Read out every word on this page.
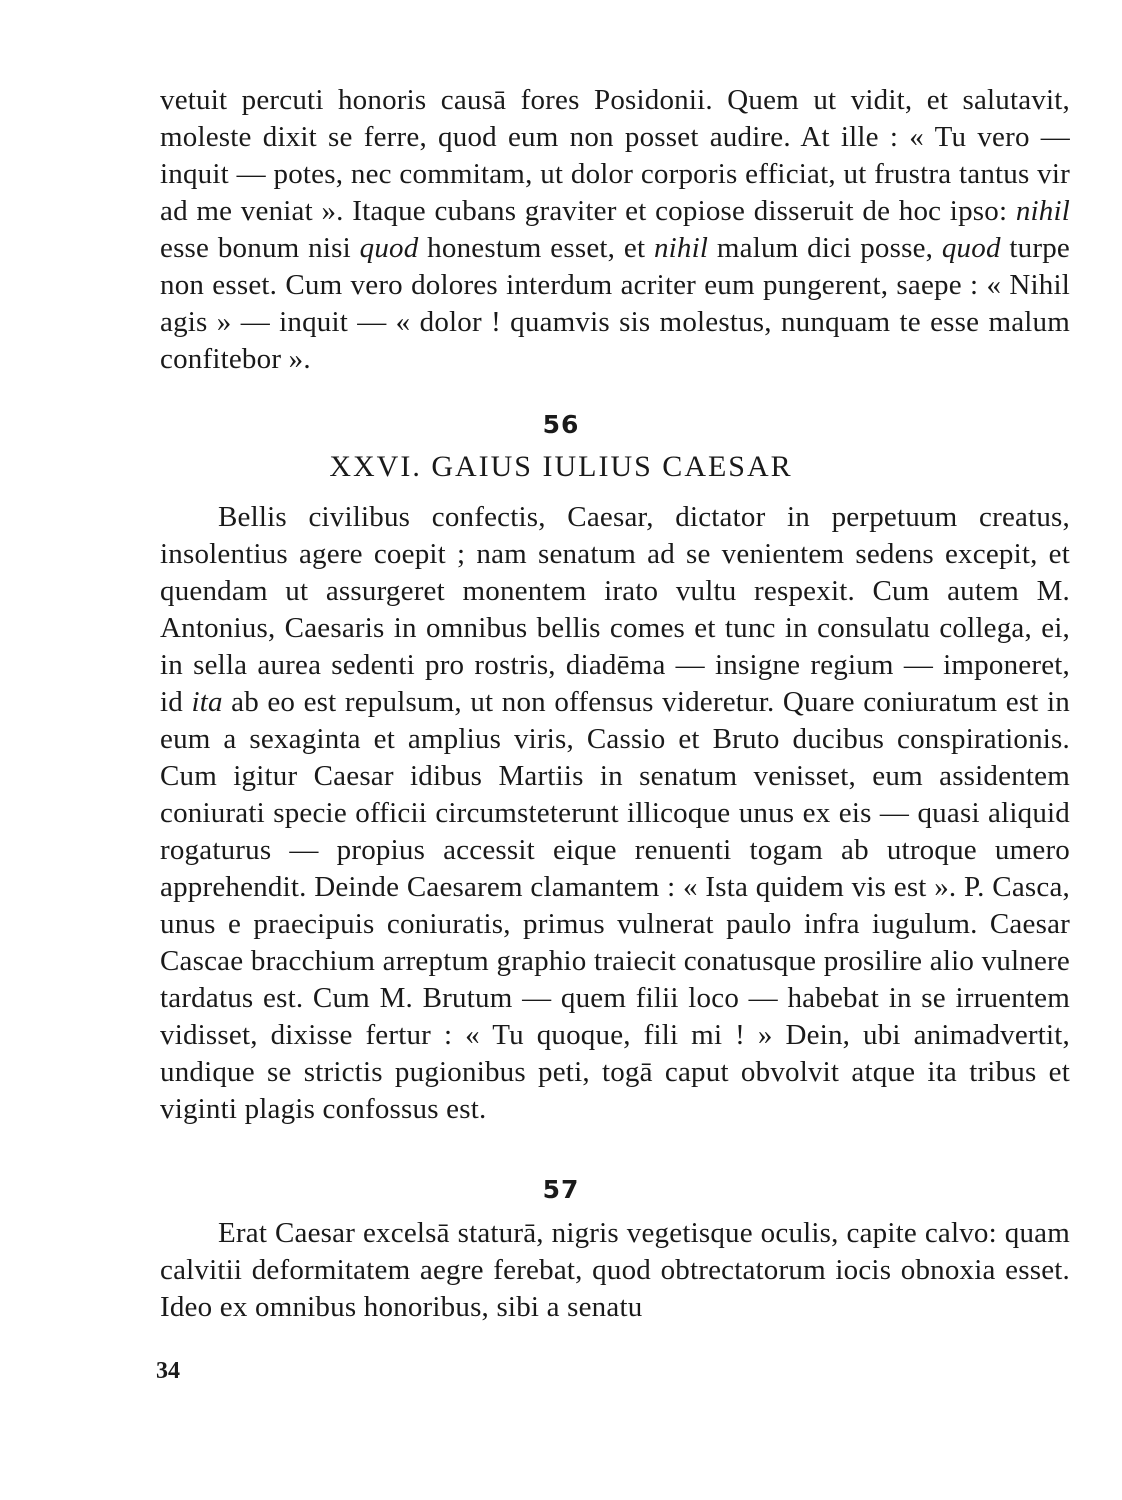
vetuit percuti honoris causā fores Posidonii. Quem ut vidit, et salutavit, moleste dixit se ferre, quod eum non posset audire. At ille : « Tu vero — inquit — potes, nec commitam, ut dolor corporis efficiat, ut frustra tantus vir ad me veniat ». Itaque cubans graviter et copiose disseruit de hoc ipso: nihil esse bonum nisi quod honestum esset, et nihil malum dici posse, quod turpe non esset. Cum vero dolores interdum acriter eum pungerent, saepe : « Nihil agis » — inquit — « dolor ! quamvis sis molestus, nunquam te esse malum confitebor ».

56
XXVI. GAIUS IULIUS CAESAR

Bellis civilibus confectis, Caesar, dictator in perpetuum creatus, insolentius agere coepit ; nam senatum ad se venientem sedens excepit, et quendam ut assurgeret monentem irato vultu respexit. Cum autem M. Antonius, Caesaris in omnibus bellis comes et tunc in consulatu collega, ei, in sella aurea sedenti pro rostris, diadēma — insigne regium — imponeret, id ita ab eo est repulsum, ut non offensus videretur. Quare coniuratum est in eum a sexaginta et amplius viris, Cassio et Bruto ducibus conspirationis. Cum igitur Caesar idibus Martiis in senatum venisset, eum assidentem coniurati specie officii circumsteterunt illicoque unus ex eis — quasi aliquid rogaturus — propius accessit eique renuenti togam ab utroque umero apprehendit. Deinde Caesarem clamantem : « Ista quidem vis est ». P. Casca, unus e praecipuis coniuratis, primus vulnerat paulo infra iugulum. Caesar Cascae bracchium arreptum graphio traiecit conatusque prosilire alio vulnere tardatus est. Cum M. Brutum — quem filii loco — habebat in se irruentem vidisset, dixisse fertur : « Tu quoque, fili mi ! » Dein, ubi animadvertit, undique se strictis pugionibus peti, togā caput obvolvit atque ita tribus et viginti plagis confossus est.

57

Erat Caesar excelsā staturā, nigris vegetisque oculis, capite calvo: quam calvitii deformitatem aegre ferebat, quod obtrectatorum iocis obnoxia esset. Ideo ex omnibus honoribus, sibi a senatu

34
